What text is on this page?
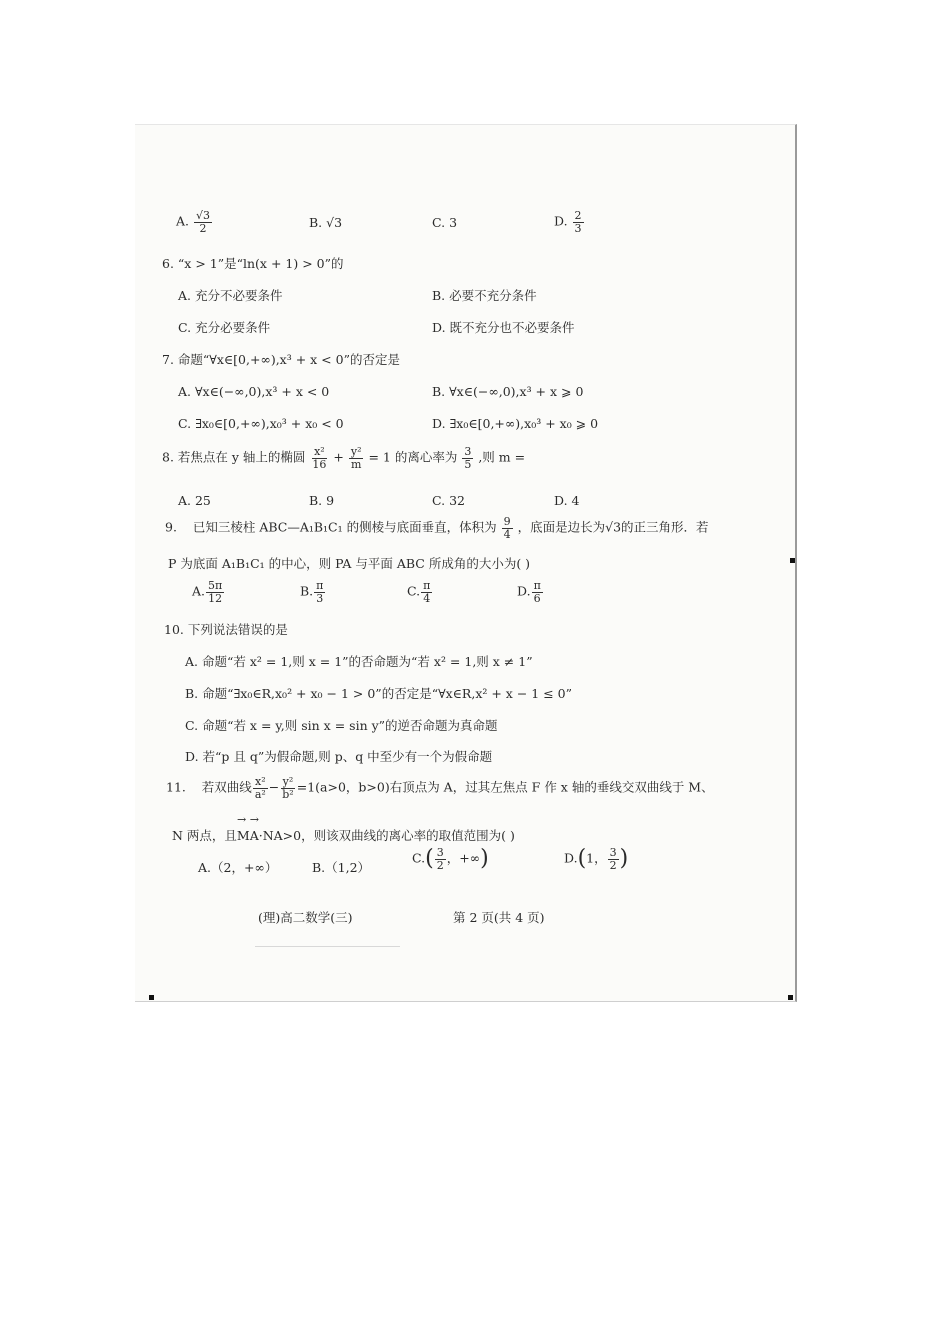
A. $\frac{√3}{2}$	B. √3	C. 3	D. $\frac{2}{3}$
6. “x > 1”是“ln(x + 1) > 0”的
A. 充分不必要条件	B. 必要不充分条件
C. 充分必要条件	D. 既不充分也不必要条件
7. 命题“∀x∈[0,+∞),x³ + x < 0”的否定是
A. ∀x∈(−∞,0),x³ + x < 0	B. ∀x∈(−∞,0),x³ + x ⩾ 0
C. ∃x₀∈[0,+∞),x₀³ + x₀ < 0	D. ∃x₀∈[0,+∞),x₀³ + x₀ ⩾ 0
8. 若焦点在 y 轴上的椭圆 $\frac{\text{x²}}{16} + \frac{\text{y²}}{m} = 1$ 的离心率为 $\frac{3}{5}$ ,则 m =
A. 25	B. 9	C. 32	D. 4
9. 已知三棱柱 ABC—A₁B₁C₁ 的侧棱与底面垂直，体积为 $\frac{9}{4}$ ，底面是边长为√3的正三角形．若
P 为底面 A₁B₁C₁ 的中心，则 PA 与平面 ABC 所成角的大小为( )
A. $\frac{5\pi}{12}$	B. $\frac{\pi}{3}$	C. $\frac{\pi}{4}$	D. $\frac{\pi}{6}$
10. 下列说法错误的是
A. 命题“若 x² = 1,则 x = 1”的否命题为“若 x² = 1,则 x ≠ 1”
B. 命题“∃x₀∈R,x₀² + x₀ − 1 > 0”的否定是“∀x∈R,x² + x − 1 ≤ 0”
C. 命题“若 x = y,则 sin x = sin y”的逆否命题为真命题
D. 若“p 且 q”为假命题,则 p、q 中至少有一个为假命题
11. 若双曲线 $\frac{\text{x²}}{\text{a²}} - \frac{\text{y²}}{\text{b²}} =1(a>0$，b>0)右顶点为 A，过其左焦点 F 作 x 轴的垂线交双曲线于 M、
→ →
N 两点，且MA·NA>0，则该双曲线的离心率的取值范围为( )
A.（2，+∞）	B.（1,2）
$C.( \frac{3}{2}$ ，+∞)	D.(1， $\frac{3}{2}$ )
(理)高二数学(三)	第 2 页(共 4 页)
